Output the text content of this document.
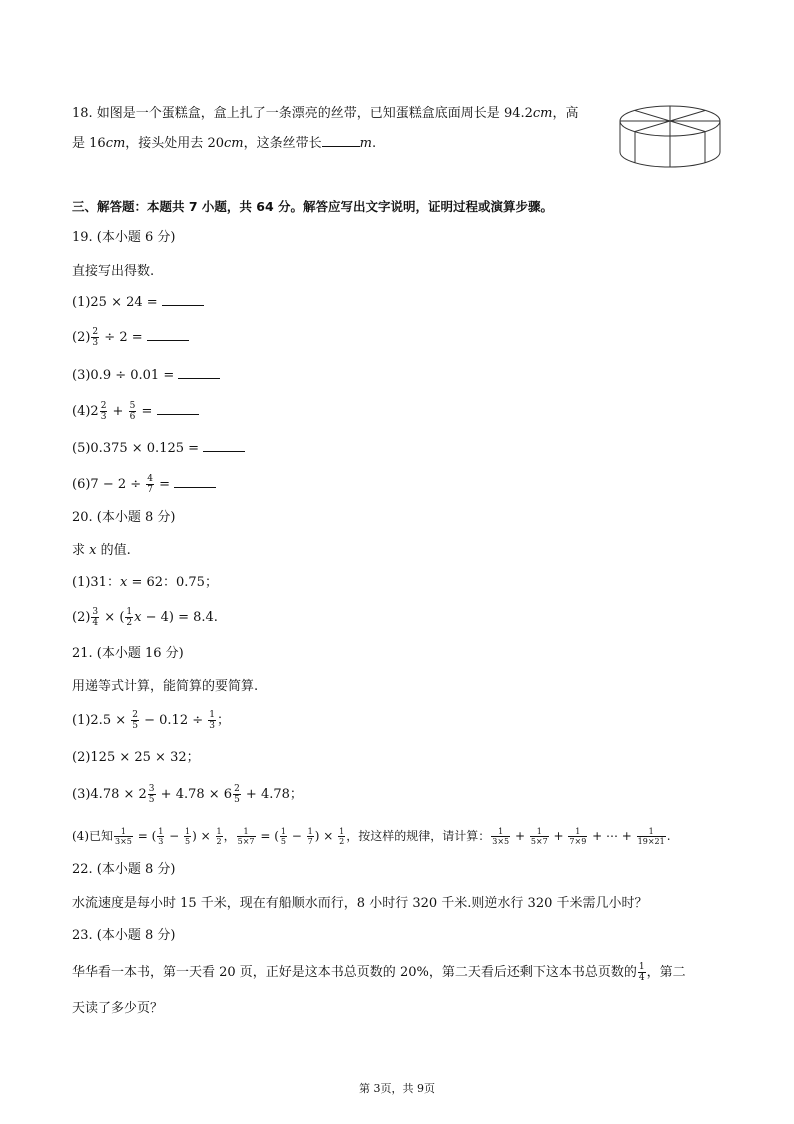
18. 如图是一个蛋糕盒，盒上扎了一条漂亮的丝带，已知蛋糕盒底面周长是 94.2cm，高
是 16cm，接头处用去 20cm，这条丝带长	m.
三、解答题：本题共 7 小题，共 64 分。解答应写出文字说明，证明过程或演算步骤。
19. (本小题 6 分)
直接写出得数.
(1)25 × 24 =
$(2) \frac{2}{3} \div 2$ =
(3)0.9 ÷ 0.01 =
$(4)2 \frac{2}{3} + \frac{5}{6}$ =
(5)0.375 × 0.125 =
$(6)7 - 2 \div \frac{4}{7}$ =
20. (本小题 8 分)
求 x 的值.
(1)31：x = 62：0.75；
$(2) \frac{3}{4}$ × ( $\frac{1}{2}$ x − 4) = 8.4.
21. (本小题 16 分)
用递等式计算，能简算的要简算.
$(1)2.5 \times \frac{2}{5} - 0.12 \div \frac{1}{3}$ ；
(2)125 × 25 × 32；
$(3)4.78 \times 2 \frac{3}{5} + 4.78 \times 6 \frac{2}{5} + 4.78$；
(4)已知 $\frac{1}{3\times 5}$ = ( $\frac{1}{3} - \frac{1}{5}$ ) × $\frac{1}{2}$ ， $\frac{1}{5\times 7}$ = ( $\frac{1}{5} - \frac{1}{7}$ ) × $\frac{1}{2}$ ，按这样的规律，请计算： $\frac{1}{3\times 5} + \frac{1}{5\times 7} + \frac{1}{7\times 9}$ + ⋯ + $\frac{1}{19\times 21}$ .
22. (本小题 8 分)
水流速度是每小时 15 千米，现在有船顺水而行，8 小时行 320 千米.则逆水行 320 千米需几小时？
23. (本小题 8 分)
华华看一本书，第一天看 20 页，正好是这本书总页数的 20%，第二天看后还剩下这本书总页数的 $\frac{1}{4}$ ，第二
天读了多少页？
第 3页，共 9页
